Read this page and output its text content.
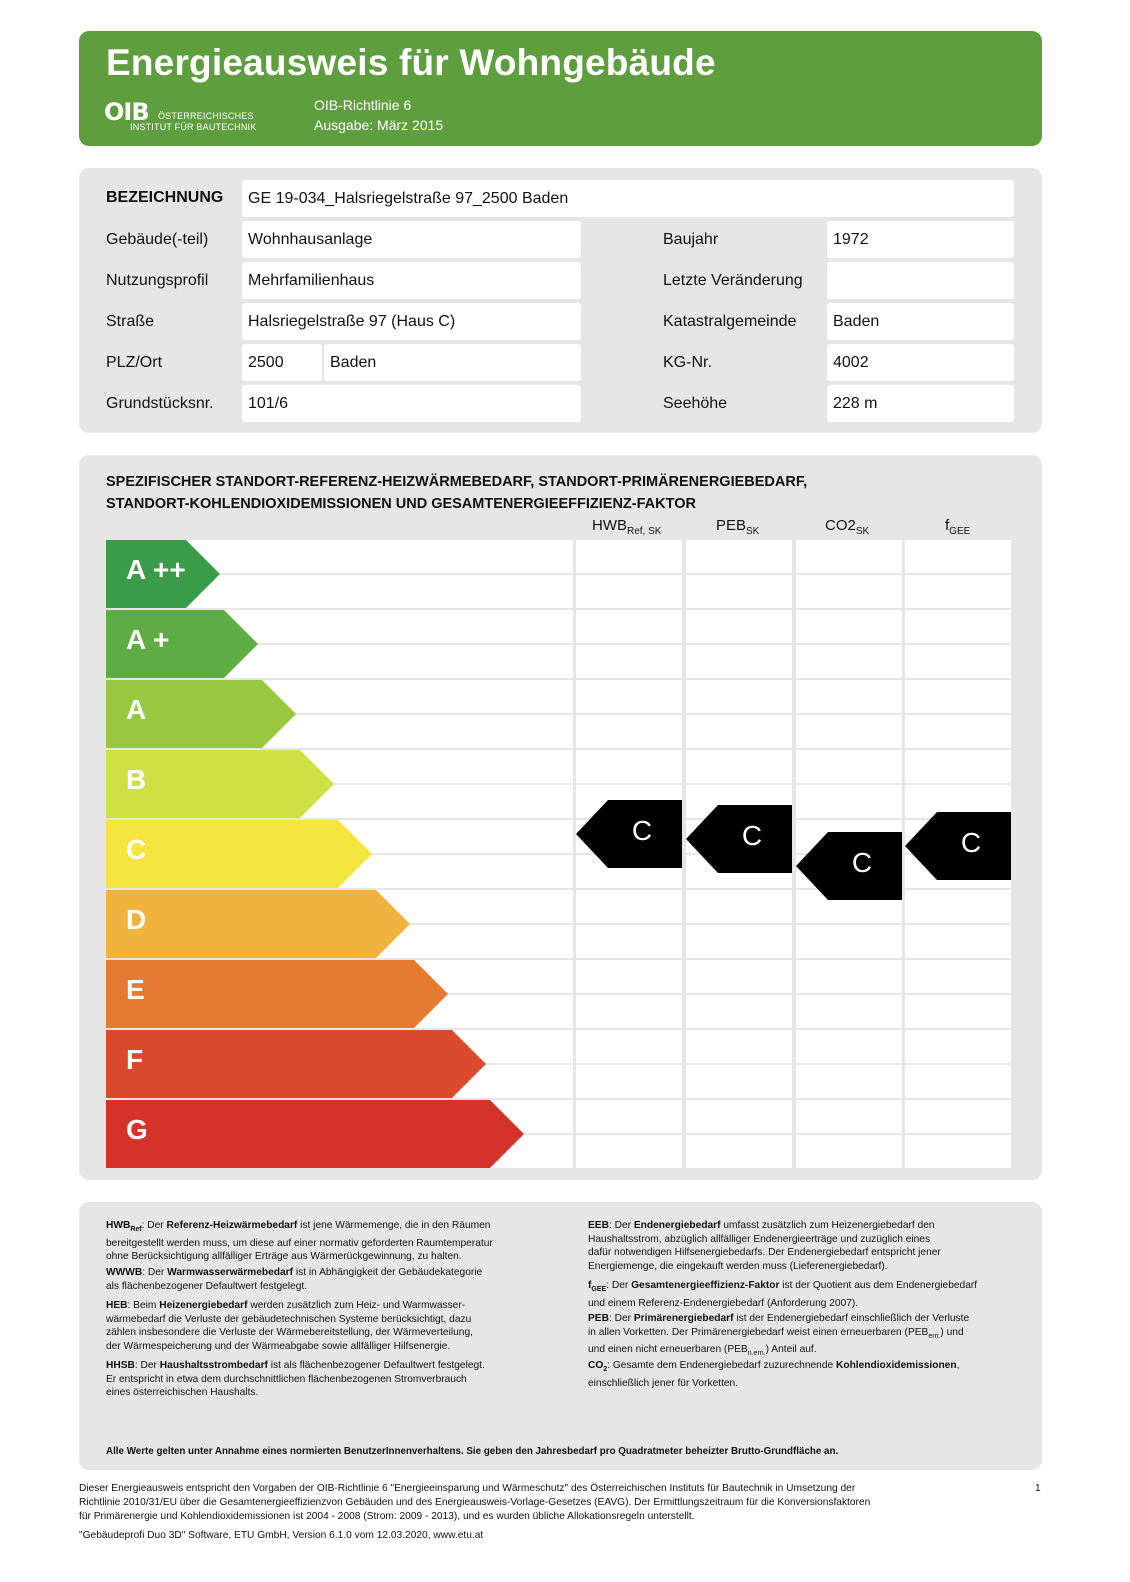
Energieausweis für Wohngebäude
OIB ÖSTERREICHISCHES
INSTITUT FÜR BAUTECHNIK
OIB-Richtlinie 6
Ausgabe: März 2015
BEZEICHNUNG	GE 19-034_Halsriegelstraße 97_2500 Baden
Gebäude(-teil)	Wohnhausanlage	Baujahr	1972
Nutzungsprofil	Mehrfamilienhaus	Letzte Veränderung
Straße	Halsriegelstraße 97 (Haus C)	Katastralgemeinde	Baden
PLZ/Ort	2500	Baden	KG-Nr.	4002
Grundstücksnr.	101/6	Seehöhe	228 m
SPEZIFISCHER STANDORT-REFERENZ-HEIZWÄRMEBEDARF, STANDORT-PRIMÄRENERGIEBEDARF,
STANDORT-KOHLENDIOXIDEMISSIONEN UND GESAMTENERGIEEFFIZIENZ-FAKTOR
$HWB_{Ref, SK}$	$PEB_{SK}$	$CO2_{SK}$	$f_{GEE}$
A ++
A +
A
B
C
D
E
F
G
C	C
C
C
$HWB_{Ref}$: Der Referenz-Heizwärmebedarf ist jene Wärmemenge, die in den Räumen
bereitgestellt werden muss, um diese auf einer normativ geforderten Raumtemperatur
ohne Berücksichtigung allfälliger Erträge aus Wärmerückgewinnung, zu halten.
WWWB: Der Warmwasserwärmebedarf ist in Abhängigkeit der Gebäudekategorie
als flächenbezogener Defaultwert festgelegt.
HEB: Beim Heizenergiebedarf werden zusätzlich zum Heiz- und Warmwasser-
wärmebedarf die Verluste der gebäudetechnischen Systeme berücksichtigt, dazu
zählen insbesondere die Verluste der Wärmebereitstellung, der Wärmeverteilung,
der Wärmespeicherung und der Wärmeabgabe sowie allfälliger Hilfsenergie.
HHSB: Der Haushaltsstrombedarf ist als flächenbezogener Defaultwert festgelegt.
Er entspricht in etwa dem durchschnittlichen flächenbezogenen Stromverbrauch
eines österreichischen Haushalts.
EEB: Der Endenergiebedarf umfasst zusätzlich zum Heizenergiebedarf den
Haushaltsstrom, abzüglich allfälliger Endenergieerträge und zuzüglich eines
dafür notwendigen Hilfsenergiebedarfs. Der Endenergiebedarf entspricht jener
Energiemenge, die eingekauft werden muss (Lieferenergiebedarf).
$f_{GEE}$: Der Gesamtenergieeffizienz-Faktor ist der Quotient aus dem Endenergiebedarf
und einem Referenz-Endenergiebedarf (Anforderung 2007).
PEB: Der Primärenergiebedarf ist der Endenergiebedarf einschließlich der Verluste
in allen Vorketten. Der Primärenergiebedarf weist einen erneuerbaren $(PEB_{ern.})$ und
und einen nicht erneuerbaren $(PEB_{n.ern.})$ Anteil auf.
$CO_2$: Gesamte dem Endenergiebedarf zuzurechnende Kohlendioxidemissionen,
einschließlich jener für Vorketten.
Alle Werte gelten unter Annahme eines normierten BenutzerInnenverhaltens. Sie geben den Jahresbedarf pro Quadratmeter beheizter Brutto-Grundfläche an.
Dieser Energieausweis entspricht den Vorgaben der OIB-Richtlinie 6 "Energieeinsparung und Wärmeschutz" des Österreichischen Instituts für Bautechnik in Umsetzung der
Richtlinie 2010/31/EU über die Gesamtenergieeffizienzvon Gebäuden und des Energieausweis-Vorlage-Gesetzes (EAVG). Der Ermittlungszeitraum für die Konversionsfaktoren
für Primärenergie und Kohlendioxidemissionen ist 2004 - 2008 (Strom: 2009 - 2013), und es wurden übliche Allokationsregeln unterstellt.
"Gebäudeprofi Duo 3D" Software, ETU GmbH, Version 6.1.0 vom 12.03.2020, www.etu.at
1
